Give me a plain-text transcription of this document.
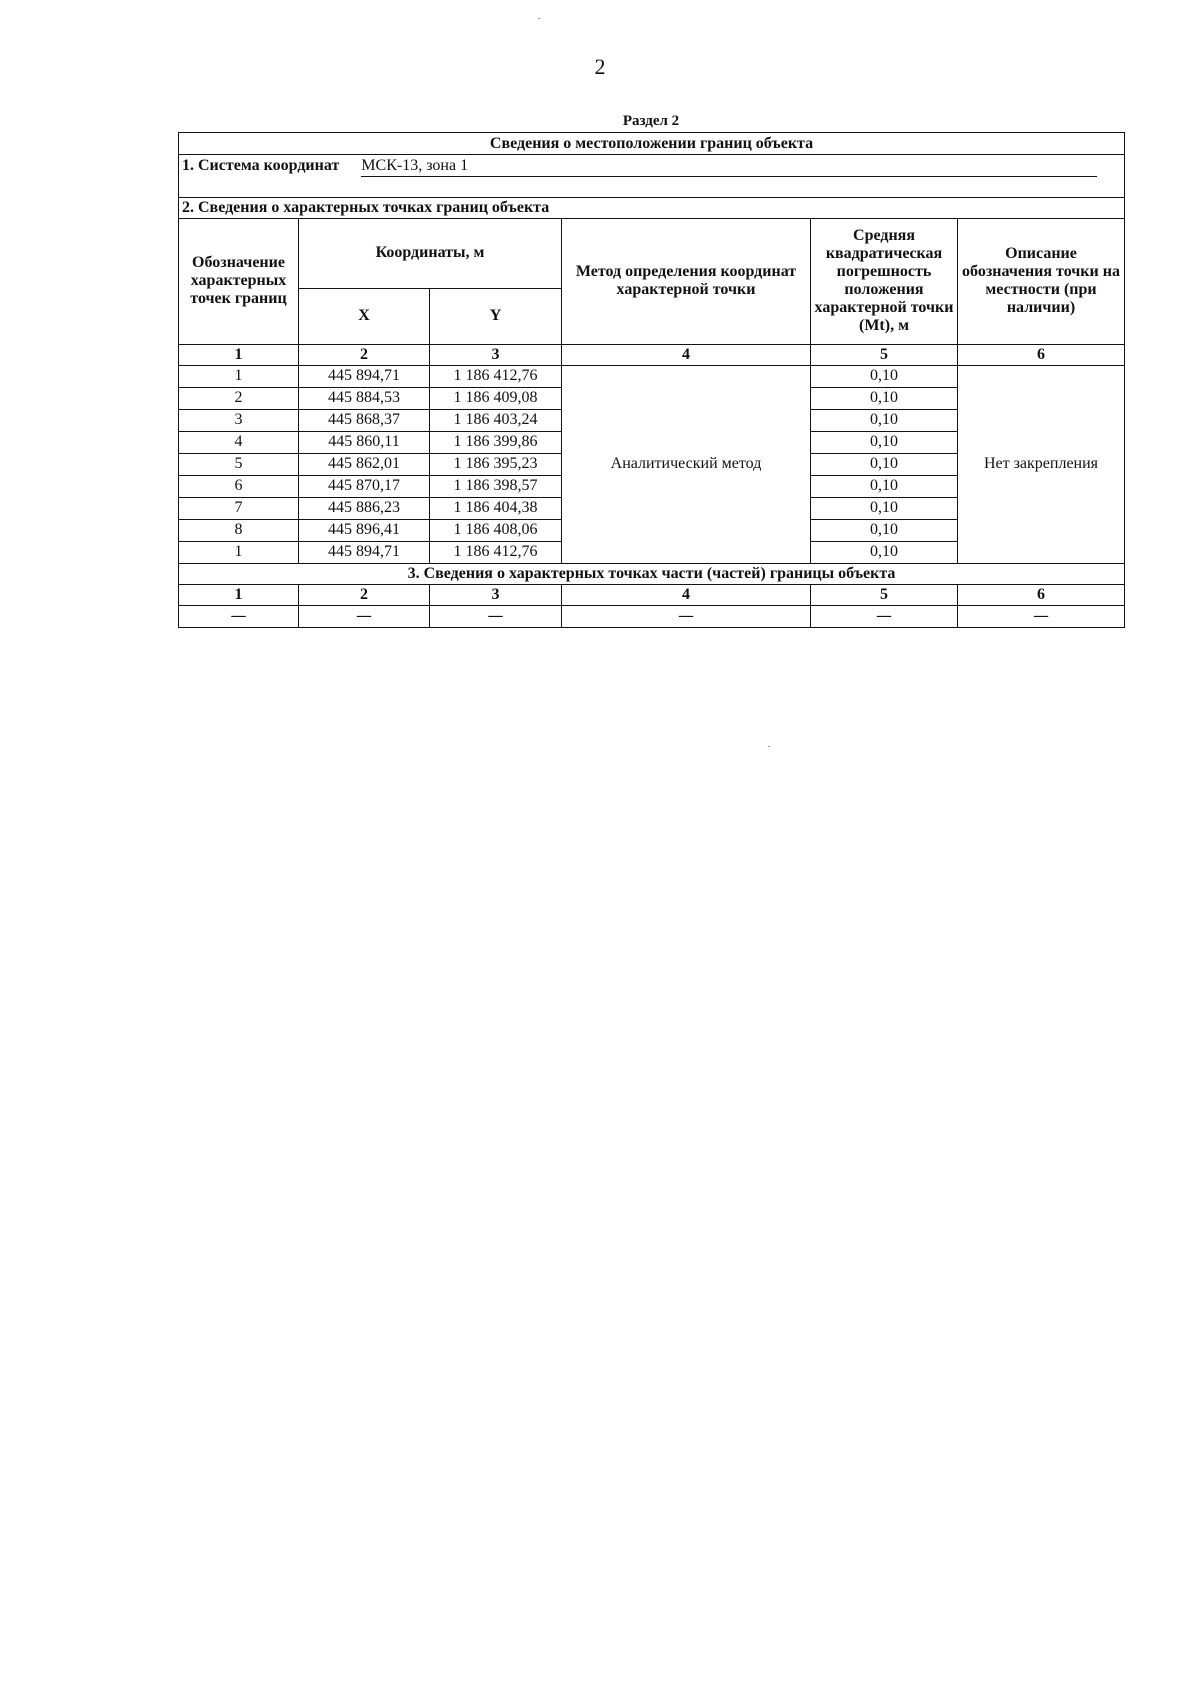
2
Раздел 2
Сведения о местоположении границ объекта					
1. Система координат МСК-13, зона 1					

2. Сведения о характерных точках границ объекта					
Обозначение характерных точек границ	Координаты, м		Метод определения координат характерной точки	Средняя квадратичеcкая погрешность положения характерной точки (Mt), м	Описание обозначения точки на местности (при наличии)
	X	Y			
1	2	3	4	5	6
1	445 894,71	1 186 412,76	Аналитический метод	0,10	Нет закрепления
2	445 884,53	1 186 409,08		0,10	
3	445 868,37	1 186 403,24		0,10	
4	445 860,11	1 186 399,86		0,10	
5	445 862,01	1 186 395,23		0,10	
6	445 870,17	1 186 398,57		0,10	
7	445 886,23	1 186 404,38		0,10	
8	445 896,41	1 186 408,06		0,10	
1	445 894,71	1 186 412,76		0,10	
3. Сведения о характерных точках части (частей) границы объекта					
1	2	3	4	5	6
—	—	—	—	—	—
